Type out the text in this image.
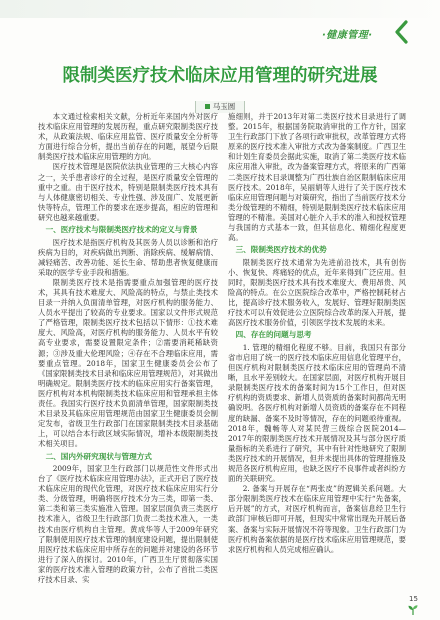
·健康管理·
限制类医疗技术临床应用管理的研究进展
马玉圆

本文通过检索相关文献，分析近年来国内外对医疗技术临床应用管理的发展历程，重点研究限制类医疗技术，从政策法规、临床应用监管、医疗质量安全分析等方面进行综合分析，提出当前存在的问题，展望今后限制类医疗技术临床应用管理的方向。

医疗技术管理是医院依法执业管理的三大核心内容之一，关乎患者诊疗的全过程，是医疗质量安全管理的重中之重。由于医疗技术，特别是限制类医疗技术具有与人体健康密切相关、专业性强、涉及面广、发展更新快等特点，管理工作的要求在逐步提高，相应的管理和研究也越来越重要。

一、医疗技术与限制类医疗技术的定义与背景

医疗技术是指医疗机构及其医务人员以诊断和治疗疾病为目的，对疾病做出判断、消除疾病、缓解病情、减轻痛苦、改善功能、延长生命、帮助患者恢复健康而采取的医学专业手段和措施。

限制类医疗技术是指需要重点加强管理的医疗技术，其具有技术难度大、风险高的特点，与禁止类技术目录一并纳入负面清单管理，对医疗机构的服务能力、人员水平提出了较高的专业要求。国家以文件形式规范了严格管理，限制类医疗技术包括以下情形：①技术难度大、风险高，对医疗机构的服务能力、人员水平有较高专业要求，需要设置限定条件；②需要消耗稀缺资源；③涉及重大伦理风险；④存在不合理临床应用，需要重点管理。2018年，国家卫生健康委员会公布了《国家限制类技术目录和临床应用管理规范》，对其做出明确规定。限制类医疗技术的临床应用实行备案管理，医疗机构对本机构限制类技术临床应用和管理承担主体责任。我国实行医疗技术负面清单管理，国家限制类技术目录及其临床应用管理规范由国家卫生健康委员会制定发布，省级卫生行政部门在国家限制类技术目录基础上，可以结合本行政区域实际情况，增补本级限制类技术相关项目。

二、国内外研究现状与管理方式

2009年，国家卫生行政部门以规范性文件形式出台了《医疗技术临床应用管理办法》，正式开启了医疗技术临床应用的现代化管理，对医疗技术临床应用实行分类、分级管理，明确将医疗技术分为三类，即第一类、第二类和第三类实施准入管理。国家层面负责三类医疗技术准入，省级卫生行政部门负责二类技术准入，一类技术由医疗机构自主管理。黄成华等人于2009年研究了限制使用医疗技术管理的制度建设问题，提出限制使用医疗技术临床应用中所存在的问题并对建设的各环节进行了深入的探讨。2010年，广西卫生厅贯彻落实国家的医疗技术准入管理的政策方针，公布了首批二类医疗技术目录、实

施细则，并于2013年对第二类医疗技术目录进行了调整。2015年，根据国务院取消审批的工作方针，国家卫生行政部门下放了各项行政审批权，改革管理方式将原来的医疗技术准入审批方式改为备案制度。广西卫生和计划生育委员会据此实施，取消了第二类医疗技术临床应用准入审批，改为备案管理方式，将原来的广西第二类医疗技术目录调整为广西壮族自治区限制临床应用医疗技术。2018年，吴丽娟等人进行了关于医疗技术临床应用管理问题与对策研究，指出了当前医疗技术分类分级管理的不精细，特别是限制类医疗技术临床应用管理的不精准。美国对心脏介入手术的准入和授权管理与我国的方式基本一致，但其信息化、精细化程度更高。

三、限制类医疗技术的优势

限制类医疗技术通常为先进前沿技术，具有创伤小、恢复快、疼痛轻的优点，近年来得到广泛应用。但同时，限制类医疗技术具有技术难度大、费用昂贵、风险高的特点。在公立医院综合改革中，严格控制耗材占比，提高诊疗技术服务收入，发展好、管理好限制类医疗技术可以有效促进公立医院综合改革的深入开展，提高医疗技术服务价值，引领医学技术发展的未来。

四、存在的问题与思考

1. 管理的精细化程度不够。目前，我国只有部分省市启用了统一的医疗技术临床应用信息化管理平台，但医疗机构对限制类医疗技术临床应用的管理尚不清晰，且水平差别较大。在国家层面，对医疗机构开展目录限制类医疗技术的备案时间为15个工作日，但对医疗机构的资质要求、新增人员资质的备案时间都尚无明确说明。各医疗机构对新增人员资质的备案存在不同程度的缺漏、备案不及时等情况，存在的问题亟待重视。2018年，魏畅等人对某民营三级综合医院2014—2017年的限制类医疗技术开展情况及其与部分医疗质量指标的关系进行了研究，其中有针对性地研究了限制类医疗技术的开展情况，但并未提出具体的管理措施及规范各医疗机构应用，也缺乏医疗不良事件或者纠纷方面的关联研究。

2. 备案与开展存在“两张皮”的逻辑关系问题。大部分限制类医疗技术在临床应用管理中实行“先备案，后开展”的方式，对医疗机构而言，备案信息经卫生行政部门审核后即可开展，但现实中常常出现先开展后备案、备案与实际开展情况不符等现象。卫生行政部门为医疗机构备案依据的是医疗技术临床应用管理规范，要求医疗机构和人员完成相应确认。

15
